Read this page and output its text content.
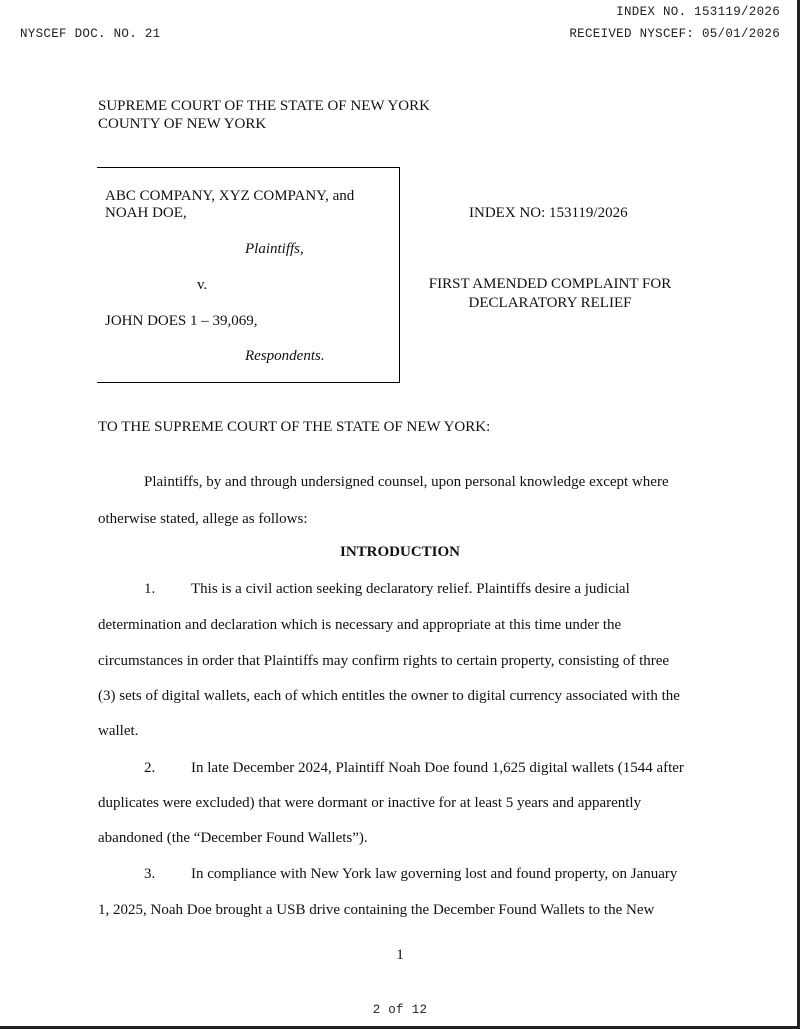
INDEX NO. 153119/2026
NYSCEF DOC. NO. 21	RECEIVED NYSCEF: 05/01/2026
SUPREME COURT OF THE STATE OF NEW YORK
COUNTY OF NEW YORK
ABC COMPANY, XYZ COMPANY, and
NOAH DOE,
Plaintiffs,
v.
JOHN DOES 1 – 39,069,
Respondents.
INDEX NO: 153119/2026
FIRST AMENDED COMPLAINT FOR
DECLARATORY RELIEF
TO THE SUPREME COURT OF THE STATE OF NEW YORK:
Plaintiffs, by and through undersigned counsel, upon personal knowledge except where
otherwise stated, allege as follows:
INTRODUCTION
1. This is a civil action seeking declaratory relief. Plaintiffs desire a judicial
determination and declaration which is necessary and appropriate at this time under the
circumstances in order that Plaintiffs may confirm rights to certain property, consisting of three
(3) sets of digital wallets, each of which entitles the owner to digital currency associated with the
wallet.
2. In late December 2024, Plaintiff Noah Doe found 1,625 digital wallets (1544 after
duplicates were excluded) that were dormant or inactive for at least 5 years and apparently
abandoned (the “December Found Wallets”).
3. In compliance with New York law governing lost and found property, on January
1, 2025, Noah Doe brought a USB drive containing the December Found Wallets to the New
1
2 of 12
